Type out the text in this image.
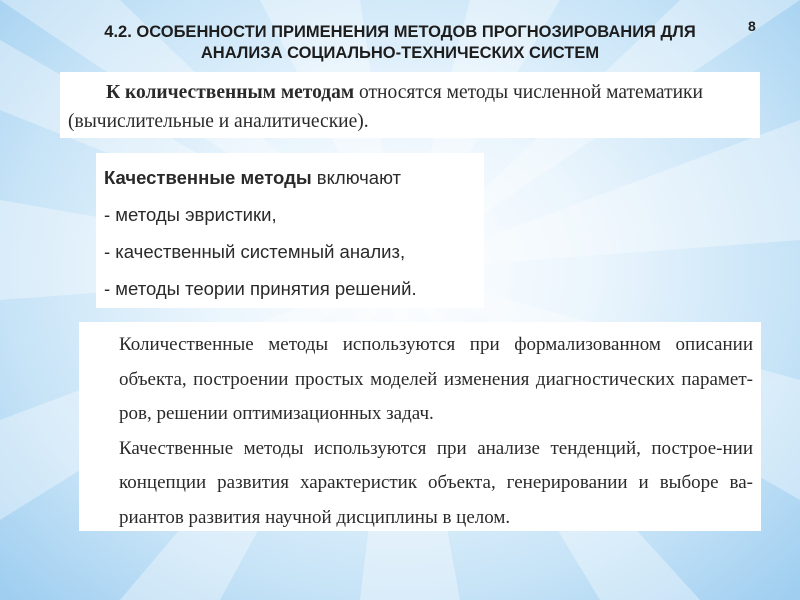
4.2. ОСОБЕННОСТИ ПРИМЕНЕНИЯ МЕТОДОВ ПРОГНОЗИРОВАНИЯ ДЛЯ
АНАЛИЗА СОЦИАЛЬНО-ТЕХНИЧЕСКИХ СИСТЕМ
8

К количественным методам относятся методы численной математики

(вычислительные и аналитические).

Качественные методы включают

- методы эвристики,

- качественный системный анализ,

- методы теории принятия решений.

Количественные методы используются при формализованном описании объекта, построении простых моделей изменения диагностических парамет-ров, решении оптимизационных задач.

Качественные методы используются при анализе тенденций, построе-нии концепции развития характеристик объекта, генерировании и выборе ва-риантов развития научной дисциплины в целом.
